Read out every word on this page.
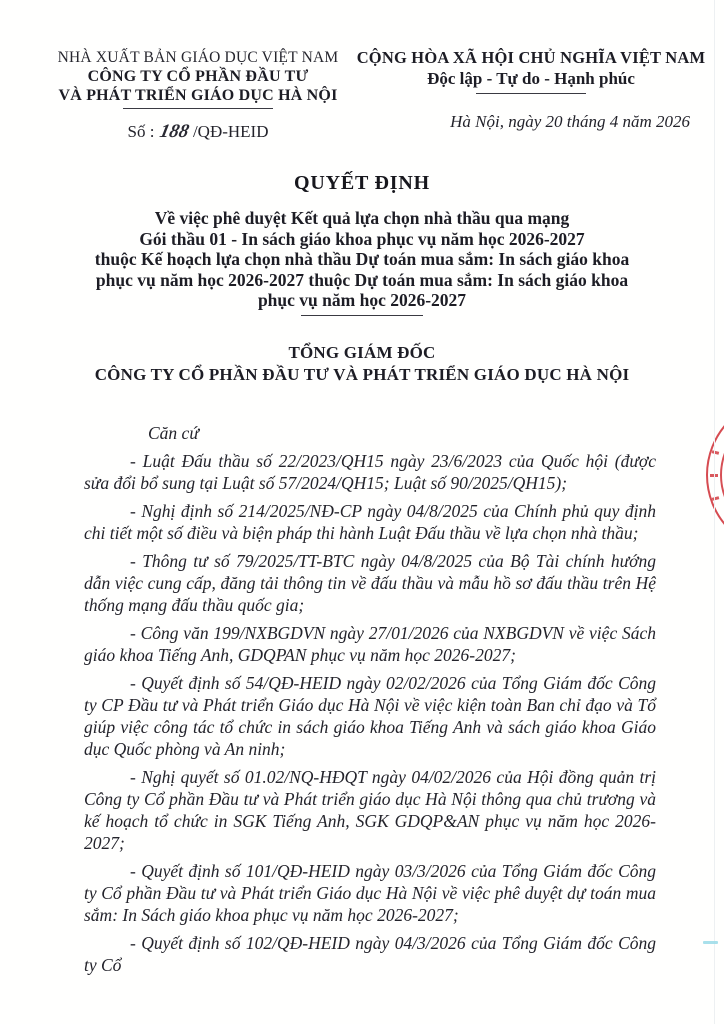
NHÀ XUẤT BẢN GIÁO DỤC VIỆT NAM
CÔNG TY CỔ PHẦN ĐẦU TƯ
VÀ PHÁT TRIỂN GIÁO DỤC HÀ NỘI
Số : 188/QĐ-HEID
CỘNG HÒA XÃ HỘI CHỦ NGHĨA VIỆT NAM
Độc lập - Tự do - Hạnh phúc
Hà Nội, ngày 20 tháng 4 năm 2026
QUYẾT ĐỊNH
Về việc phê duyệt Kết quả lựa chọn nhà thầu qua mạng
Gói thầu 01 - In sách giáo khoa phục vụ năm học 2026-2027
thuộc Kế hoạch lựa chọn nhà thầu Dự toán mua sắm: In sách giáo khoa
phục vụ năm học 2026-2027 thuộc Dự toán mua sắm: In sách giáo khoa
phục vụ năm học 2026-2027
TỔNG GIÁM ĐỐC
CÔNG TY CỔ PHẦN ĐẦU TƯ VÀ PHÁT TRIỂN GIÁO DỤC HÀ NỘI

Căn cứ

- Luật Đấu thầu số 22/2023/QH15 ngày 23/6/2023 của Quốc hội (được sửa đổi bổ sung tại Luật số 57/2024/QH15; Luật số 90/2025/QH15);

- Nghị định số 214/2025/NĐ-CP ngày 04/8/2025 của Chính phủ quy định chi tiết một số điều và biện pháp thi hành Luật Đấu thầu về lựa chọn nhà thầu;

- Thông tư số 79/2025/TT-BTC ngày 04/8/2025 của Bộ Tài chính hướng dẫn việc cung cấp, đăng tải thông tin về đấu thầu và mẫu hồ sơ đấu thầu trên Hệ thống mạng đấu thầu quốc gia;

- Công văn 199/NXBGDVN ngày 27/01/2026 của NXBGDVN về việc Sách giáo khoa Tiếng Anh, GDQPAN phục vụ năm học 2026-2027;

- Quyết định số 54/QĐ-HEID ngày 02/02/2026 của Tổng Giám đốc Công ty CP Đầu tư và Phát triển Giáo dục Hà Nội về việc kiện toàn Ban chỉ đạo và Tổ giúp việc công tác tổ chức in sách giáo khoa Tiếng Anh và sách giáo khoa Giáo dục Quốc phòng và An ninh;

- Nghị quyết số 01.02/NQ-HĐQT ngày 04/02/2026 của Hội đồng quản trị Công ty Cổ phần Đầu tư và Phát triển giáo dục Hà Nội thông qua chủ trương và kế hoạch tổ chức in SGK Tiếng Anh, SGK GDQP&AN phục vụ năm học 2026-2027;

- Quyết định số 101/QĐ-HEID ngày 03/3/2026 của Tổng Giám đốc Công ty Cổ phần Đầu tư và Phát triển Giáo dục Hà Nội về việc phê duyệt dự toán mua sắm: In Sách giáo khoa phục vụ năm học 2026-2027;

- Quyết định số 102/QĐ-HEID ngày 04/3/2026 của Tổng Giám đốc Công ty Cổ
